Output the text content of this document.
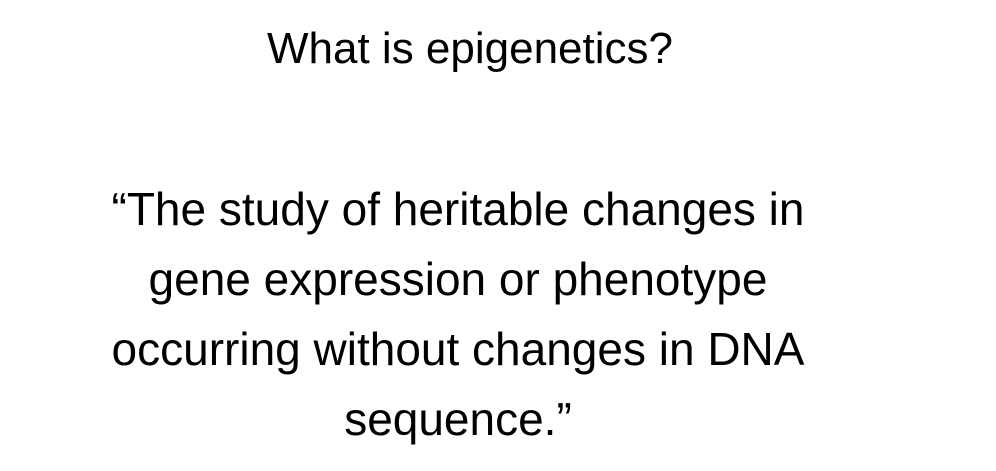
What is epigenetics?
“The study of heritable changes in
gene expression or phenotype
occurring without changes in DNA
sequence.”
